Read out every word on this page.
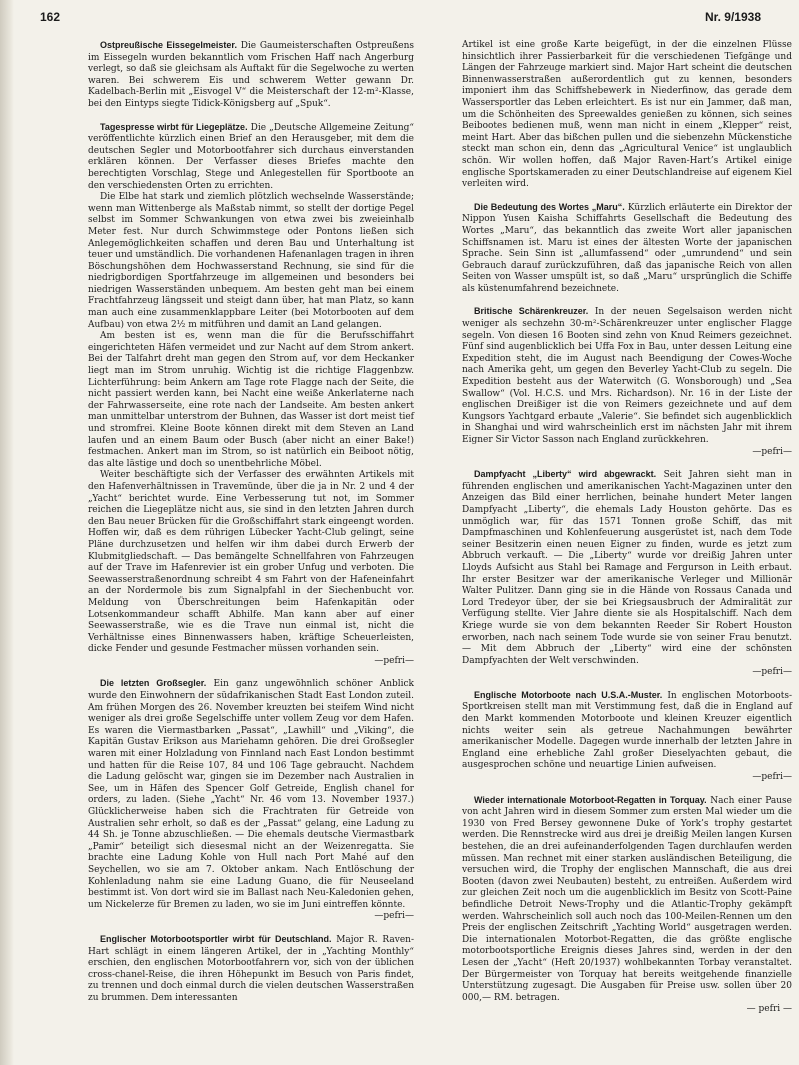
162	Nr. 9/1938

Ostpreußische Eissegelmeister. Die Gaumeisterschaften Ostpreußens im Eissegeln wurden bekanntlich vom Frischen Haff nach Angerburg verlegt, so daß sie gleichsam als Auftakt für die Segelwoche zu werten waren. Bei schwerem Eis und schwerem Wetter gewann Dr. Kadelbach-Berlin mit „Eisvogel V“ die Meisterschaft der 12-m²-Klasse, bei den Eintyps siegte Tidick-Königsberg auf „Spuk“.

Tagespresse wirbt für Liegeplätze. Die „Deutsche Allgemeine Zeitung“ veröffentlichte kürzlich einen Brief an den Herausgeber, mit dem die deutschen Segler und Motorbootfahrer sich durchaus einverstanden erklären können. Der Verfasser dieses Briefes machte den berechtigten Vorschlag, Stege und Anlegestellen für Sportboote an den verschiedensten Orten zu errichten.

Die Elbe hat stark und ziemlich plötzlich wechselnde Wasserstände; wenn man Wittenberge als Maßstab nimmt, so stellt der dortige Pegel selbst im Sommer Schwankungen von etwa zwei bis zweieinhalb Meter fest. Nur durch Schwimmstege oder Pontons ließen sich Anlegemöglichkeiten schaffen und deren Bau und Unterhaltung ist teuer und umständlich. Die vorhandenen Hafenanlagen tragen in ihren Böschungshöhen dem Hochwasserstand Rechnung, sie sind für die niedrigbordigen Sportfahrzeuge im allgemeinen und besonders bei niedrigen Wasserständen unbequem. Am besten geht man bei einem Frachtfahrzeug längsseit und steigt dann über, hat man Platz, so kann man auch eine zusammenklappbare Leiter (bei Motorbooten auf dem Aufbau) von etwa 2½ m mitführen und damit an Land gelangen.

Am besten ist es, wenn man die für die Berufsschiffahrt eingerichteten Häfen vermeidet und zur Nacht auf dem Strom ankert. Bei der Talfahrt dreht man gegen den Strom auf, vor dem Heckanker liegt man im Strom unruhig. Wichtig ist die richtige Flaggenbzw. Lichterführung: beim Ankern am Tage rote Flagge nach der Seite, die nicht passiert werden kann, bei Nacht eine weiße Ankerlaterne nach der Fahrwasserseite, eine rote nach der Landseite. Am besten ankert man unmittelbar unterstrom der Buhnen, das Wasser ist dort meist tief und stromfrei. Kleine Boote können direkt mit dem Steven an Land laufen und an einem Baum oder Busch (aber nicht an einer Bake!) festmachen. Ankert man im Strom, so ist natürlich ein Beiboot nötig, das alte lästige und doch so unentbehrliche Möbel.

Weiter beschäftigte sich der Verfasser des erwähnten Artikels mit den Hafenverhältnissen in Travemünde, über die ja in Nr. 2 und 4 der „Yacht“ berichtet wurde. Eine Verbesserung tut not, im Sommer reichen die Liegeplätze nicht aus, sie sind in den letzten Jahren durch den Bau neuer Brücken für die Großschiffahrt stark eingeengt worden. Hoffen wir, daß es dem rührigen Lübecker Yacht-Club gelingt, seine Pläne durchzusetzen und helfen wir ihm dabei durch Erwerb der Klubmitgliedschaft. — Das bemängelte Schnellfahren von Fahrzeugen auf der Trave im Hafenrevier ist ein grober Unfug und verboten. Die Seewasserstraßenordnung schreibt 4 sm Fahrt von der Hafeneinfahrt an der Nordermole bis zum Signalpfahl in der Siechenbucht vor. Meldung von Überschreitungen beim Hafenkapitän oder Lotsenkommandeur schafft Abhilfe. Man kann aber auf einer Seewasserstraße, wie es die Trave nun einmal ist, nicht die Verhältnisse eines Binnenwassers haben, kräftige Scheuerleisten, dicke Fender und gesunde Festmacher müssen vorhanden sein.

—pefri—

Die letzten Großsegler. Ein ganz ungewöhnlich schöner Anblick wurde den Einwohnern der südafrikanischen Stadt East London zuteil. Am frühen Morgen des 26. November kreuzten bei steifem Wind nicht weniger als drei große Segelschiffe unter vollem Zeug vor dem Hafen. Es waren die Viermastbarken „Passat“, „Lawhill“ und „Viking“, die Kapitän Gustav Erikson aus Mariehamn gehören. Die drei Großsegler waren mit einer Holzladung von Finnland nach East London bestimmt und hatten für die Reise 107, 84 und 106 Tage gebraucht. Nachdem die Ladung gelöscht war, gingen sie im Dezember nach Australien in See, um in Häfen des Spencer Golf Getreide, English chanel for orders, zu laden. (Siehe „Yacht“ Nr. 46 vom 13. November 1937.) Glücklicherweise haben sich die Frachtraten für Getreide von Australien sehr erholt, so daß es der „Passat“ gelang, eine Ladung zu 44 Sh. je Tonne abzuschließen. — Die ehemals deutsche Viermastbark „Pamir“ beteiligt sich diesesmal nicht an der Weizenregatta. Sie brachte eine Ladung Kohle von Hull nach Port Mahé auf den Seychellen, wo sie am 7. Oktober ankam. Nach Entlöschung der Kohlenladung nahm sie eine Ladung Guano, die für Neuseeland bestimmt ist. Von dort wird sie im Ballast nach Neu-Kaledonien gehen, um Nickelerze für Bremen zu laden, wo sie im Juni eintreffen könnte.

—pefri—

Englischer Motorbootsportler wirbt für Deutschland. Major R. Raven-Hart schlägt in einem längeren Artikel, der in „Yachting Monthly“ erschien, den englischen Motorbootfahrern vor, sich von der üblichen cross-chanel-Reise, die ihren Höhepunkt im Besuch von Paris findet, zu trennen und doch einmal durch die vielen deutschen Wasserstraßen zu brummen. Dem interessanten

Artikel ist eine große Karte beigefügt, in der die einzelnen Flüsse hinsichtlich ihrer Passierbarkeit für die verschiedenen Tiefgänge und Längen der Fahrzeuge markiert sind. Major Hart scheint die deutschen Binnenwasserstraßen außerordentlich gut zu kennen, besonders imponiert ihm das Schiffshebewerk in Niederfinow, das gerade dem Wassersportler das Leben erleichtert. Es ist nur ein Jammer, daß man, um die Schönheiten des Spreewaldes genießen zu können, sich seines Beibootes bedienen muß, wenn man nicht in einem „Klepper“ reist, meint Hart. Aber das bißchen pullen und die siebenzehn Mückenstiche steckt man schon ein, denn das „Agricultural Venice“ ist unglaublich schön. Wir wollen hoffen, daß Major Raven-Hart’s Artikel einige englische Sportskameraden zu einer Deutschlandreise auf eigenem Kiel verleiten wird.

Die Bedeutung des Wortes „Maru“. Kürzlich erläuterte ein Direktor der Nippon Yusen Kaisha Schiffahrts Gesellschaft die Bedeutung des Wortes „Maru“, das bekanntlich das zweite Wort aller japanischen Schiffsnamen ist. Maru ist eines der ältesten Worte der japanischen Sprache. Sein Sinn ist „allumfassend“ oder „umrundend“ und sein Gebrauch darauf zurückzuführen, daß das japanische Reich von allen Seiten von Wasser umspült ist, so daß „Maru“ ursprünglich die Schiffe als küstenumfahrend bezeichnete.

Britische Schärenkreuzer. In der neuen Segelsaison werden nicht weniger als sechzehn 30-m²-Schärenkreuzer unter englischer Flagge segeln. Von diesen 16 Booten sind zehn von Knud Reimers gezeichnet. Fünf sind augenblicklich bei Uffa Fox in Bau, unter dessen Leitung eine Expedition steht, die im August nach Beendigung der Cowes-Woche nach Amerika geht, um gegen den Beverley Yacht-Club zu segeln. Die Expedition besteht aus der Waterwitch (G. Wonsborough) und „Sea Swallow“ (Vol. H.C.S. und Mrs. Richardson). Nr. 16 in der Liste der englischen Dreißiger ist die von Reimers gezeichnete und auf dem Kungsors Yachtgard erbaute „Valerie“. Sie befindet sich augenblicklich in Shanghai und wird wahrscheinlich erst im nächsten Jahr mit ihrem Eigner Sir Victor Sasson nach England zurückkehren.

—pefri—

Dampfyacht „Liberty“ wird abgewrackt. Seit Jahren sieht man in führenden englischen und amerikanischen Yacht-Magazinen unter den Anzeigen das Bild einer herrlichen, beinahe hundert Meter langen Dampfyacht „Liberty“, die ehemals Lady Houston gehörte. Das es unmöglich war, für das 1571 Tonnen große Schiff, das mit Dampfmaschinen und Kohlenfeuerung ausgerüstet ist, nach dem Tode seiner Besitzerin einen neuen Eigner zu finden, wurde es jetzt zum Abbruch verkauft. — Die „Liberty“ wurde vor dreißig Jahren unter Lloyds Aufsicht aus Stahl bei Ramage and Fergurson in Leith erbaut. Ihr erster Besitzer war der amerikanische Verleger und Millionär Walter Pulitzer. Dann ging sie in die Hände von Rossaus Canada und Lord Tredeyor über, der sie bei Kriegsausbruch der Admiralität zur Verfügung stellte. Vier Jahre diente sie als Hospitalschiff. Nach dem Kriege wurde sie von dem bekannten Reeder Sir Robert Houston erworben, nach nach seinem Tode wurde sie von seiner Frau benutzt. — Mit dem Abbruch der „Liberty“ wird eine der schönsten Dampfyachten der Welt verschwinden.

—pefri—

Englische Motorboote nach U.S.A.-Muster. In englischen Motorboots-Sportkreisen stellt man mit Verstimmung fest, daß die in England auf den Markt kommenden Motorboote und kleinen Kreuzer eigentlich nichts weiter sein als getreue Nachahmungen bewährter amerikanischer Modelle. Dagegen wurde innerhalb der letzten Jahre in England eine erhebliche Zahl großer Dieselyachten gebaut, die ausgesprochen schöne und neuartige Linien aufweisen.

—pefri—

Wieder internationale Motorboot-Regatten in Torquay. Nach einer Pause von acht Jahren wird in diesem Sommer zum ersten Mal wieder um die 1930 von Fred Bersey gewonnene Duke of York’s trophy gestartet werden. Die Rennstrecke wird aus drei je dreißig Meilen langen Kursen bestehen, die an drei aufeinanderfolgenden Tagen durchlaufen werden müssen. Man rechnet mit einer starken ausländischen Beteiligung, die versuchen wird, die Trophy der englischen Mannschaft, die aus drei Booten (davon zwei Neubauten) besteht, zu entreißen. Außerdem wird zur gleichen Zeit noch um die augenblicklich im Besitz von Scott-Paine befindliche Detroit News-Trophy und die Atlantic-Trophy gekämpft werden. Wahrscheinlich soll auch noch das 100-Meilen-Rennen um den Preis der englischen Zeitschrift „Yachting World“ ausgetragen werden. Die internationalen Motorbot-Regatten, die das größte englische motorbootsportliche Ereignis dieses Jahres sind, werden in der den Lesen der „Yacht“ (Heft 20/1937) wohlbekannten Torbay veranstaltet. Der Bürgermeister von Torquay hat bereits weitgehende finanzielle Unterstützung zugesagt. Die Ausgaben für Preise usw. sollen über 20 000,— RM. betragen.

— pefri —
